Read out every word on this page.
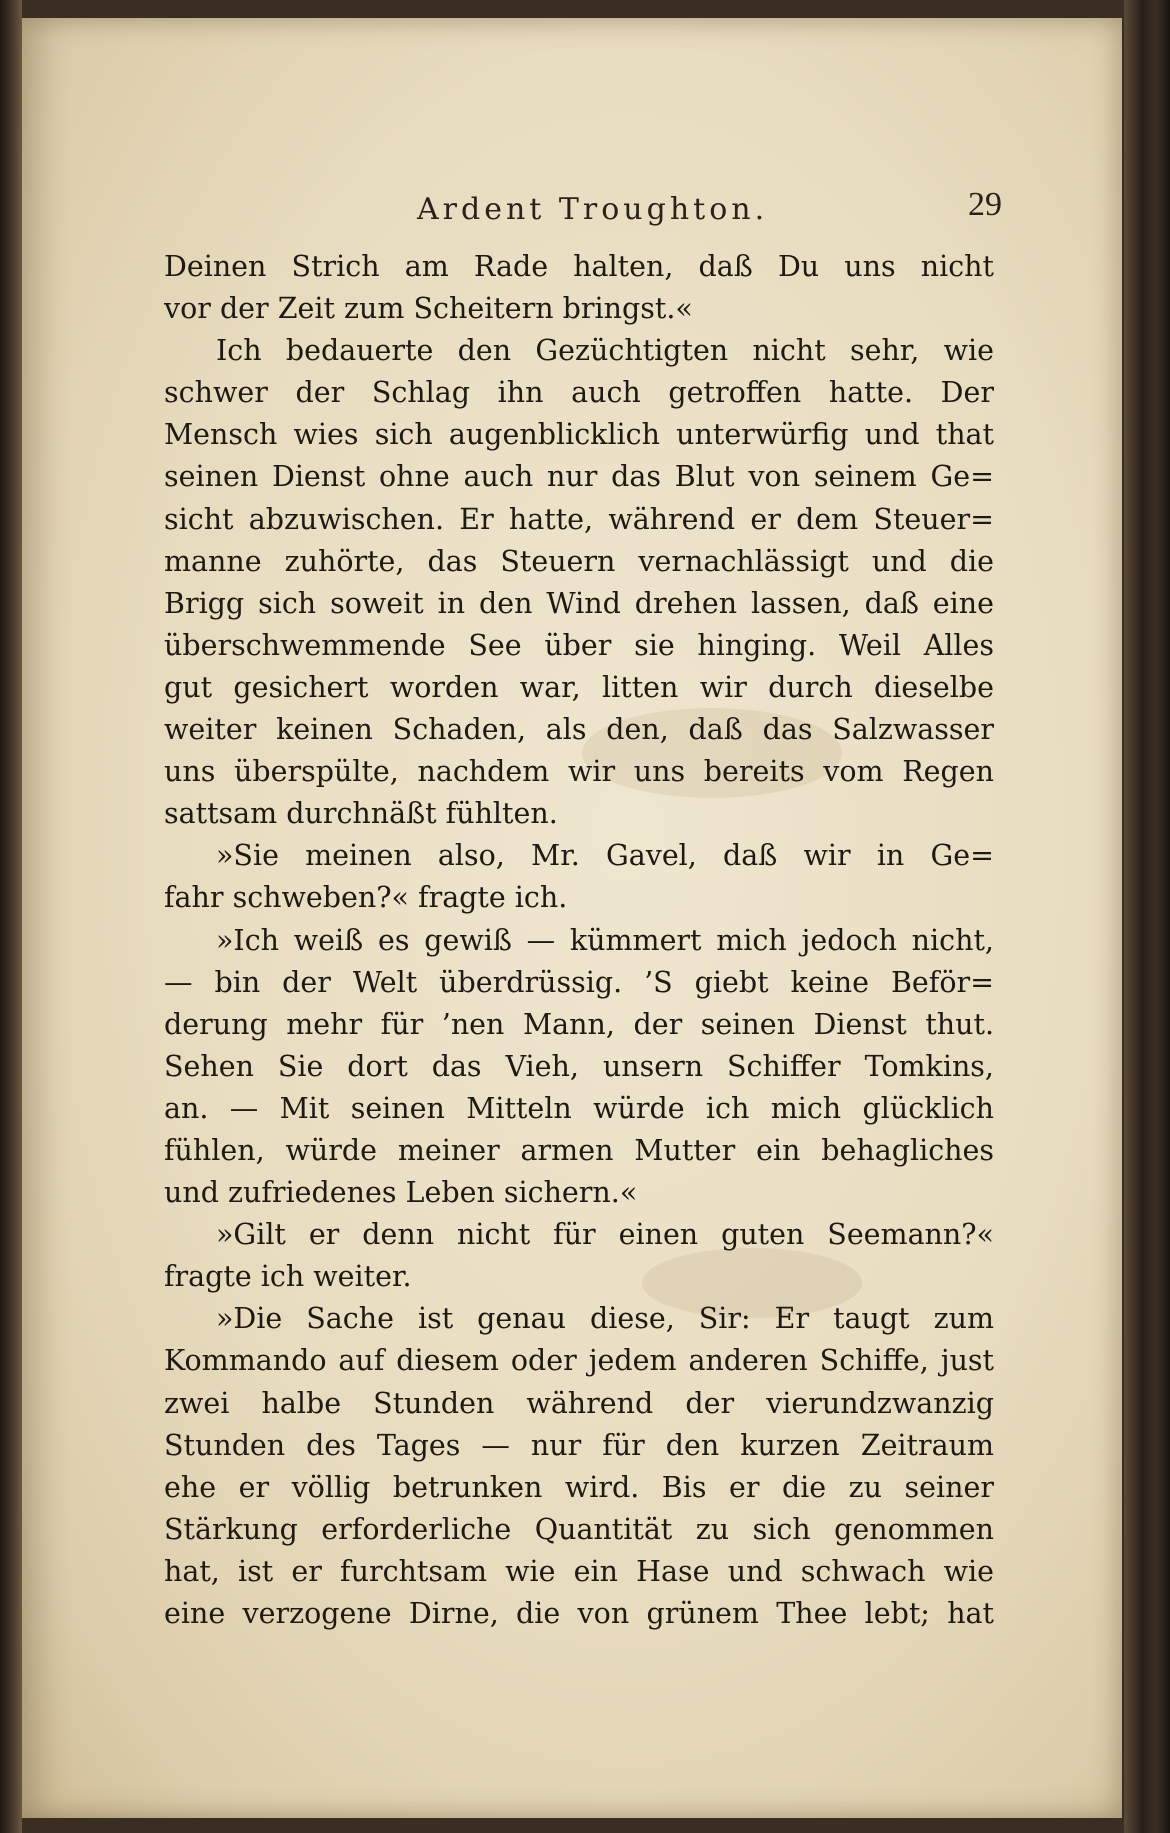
Ardent Troughton.	29
Deinen Strich am Rade halten, daß Du uns nicht
vor der Zeit zum Scheitern bringst.«
Ich bedauerte den Gezüchtigten nicht sehr, wie
schwer der Schlag ihn auch getroffen hatte. Der
Mensch wies sich augenblicklich unterwürfig und that
seinen Dienst ohne auch nur das Blut von seinem Ge=
sicht abzuwischen. Er hatte, während er dem Steuer=
manne zuhörte, das Steuern vernachlässigt und die
Brigg sich soweit in den Wind drehen lassen, daß eine
überschwemmende See über sie hinging. Weil Alles
gut gesichert worden war, litten wir durch dieselbe
weiter keinen Schaden, als den, daß das Salzwasser
uns überspülte, nachdem wir uns bereits vom Regen
sattsam durchnäßt fühlten.
»Sie meinen also, Mr. Gavel, daß wir in Ge=
fahr schweben?« fragte ich.
»Ich weiß es gewiß — kümmert mich jedoch nicht,
— bin der Welt überdrüssig. ’S giebt keine Beför=
derung mehr für ’nen Mann, der seinen Dienst thut.
Sehen Sie dort das Vieh, unsern Schiffer Tomkins,
an. — Mit seinen Mitteln würde ich mich glücklich
fühlen, würde meiner armen Mutter ein behagliches
und zufriedenes Leben sichern.«
»Gilt er denn nicht für einen guten Seemann?«
fragte ich weiter.
»Die Sache ist genau diese, Sir: Er taugt zum
Kommando auf diesem oder jedem anderen Schiffe, just
zwei halbe Stunden während der vierundzwanzig
Stunden des Tages — nur für den kurzen Zeitraum
ehe er völlig betrunken wird. Bis er die zu seiner
Stärkung erforderliche Quantität zu sich genommen
hat, ist er furchtsam wie ein Hase und schwach wie
eine verzogene Dirne, die von grünem Thee lebt; hat
